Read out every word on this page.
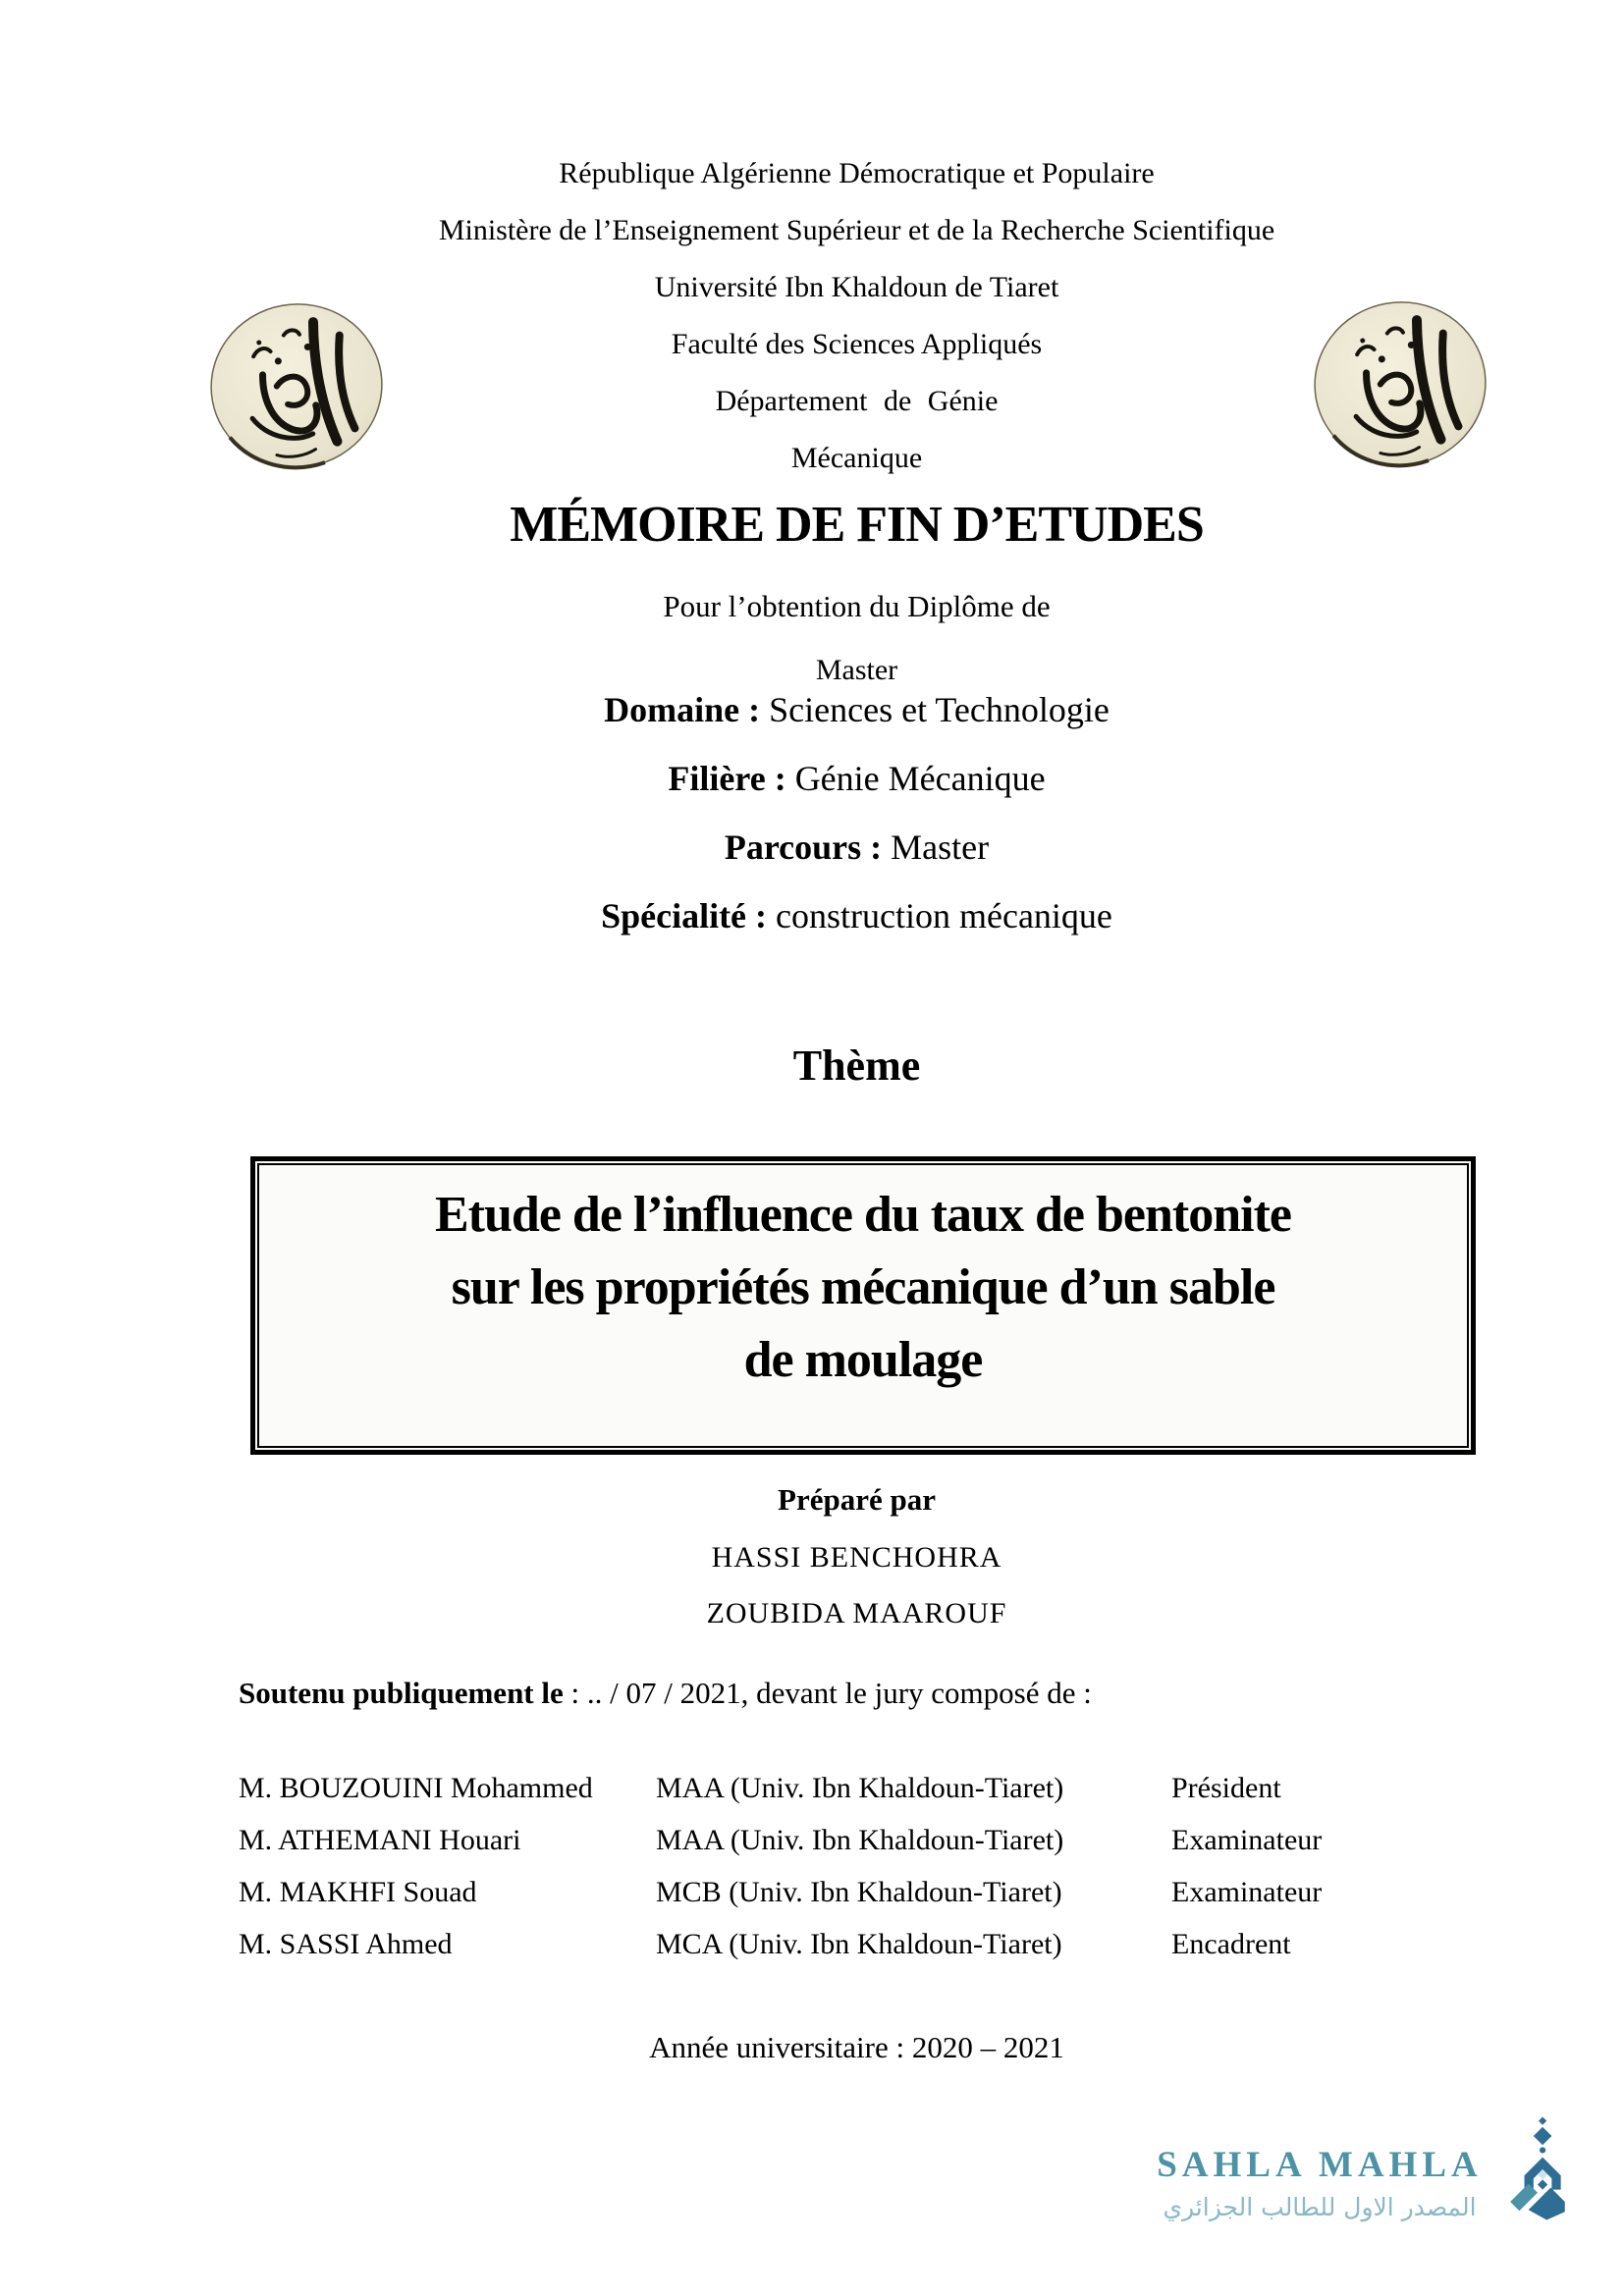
République Algérienne Démocratique et Populaire
Ministère de l’Enseignement Supérieur et de la Recherche Scientifique
Université Ibn Khaldoun de Tiaret
Faculté des Sciences Appliqués
Département de Génie
Mécanique
MÉMOIRE DE FIN D’ETUDES
Pour l’obtention du Diplôme de
Master
Domaine : Sciences et Technologie
Filière : Génie Mécanique
Parcours : Master
Spécialité : construction mécanique
Thème
Etude de l’influence du taux de bentonite
sur les propriétés mécanique d’un sable
de moulage
Préparé par
HASSI BENCHOHRA
ZOUBIDA MAAROUF
Soutenu publiquement le : .. / 07 / 2021, devant le jury composé de :
M. BOUZOUINI Mohammed	MAA (Univ. Ibn Khaldoun-Tiaret)	Président
M. ATHEMANI Houari	MAA (Univ. Ibn Khaldoun-Tiaret)	Examinateur
M. MAKHFI Souad	MCB (Univ. Ibn Khaldoun-Tiaret)	Examinateur
M. SASSI Ahmed	MCA (Univ. Ibn Khaldoun-Tiaret)	Encadrent
Année universitaire : 2020 – 2021
SAHLA MAHLA
المصدر الاول للطالب الجزائري
